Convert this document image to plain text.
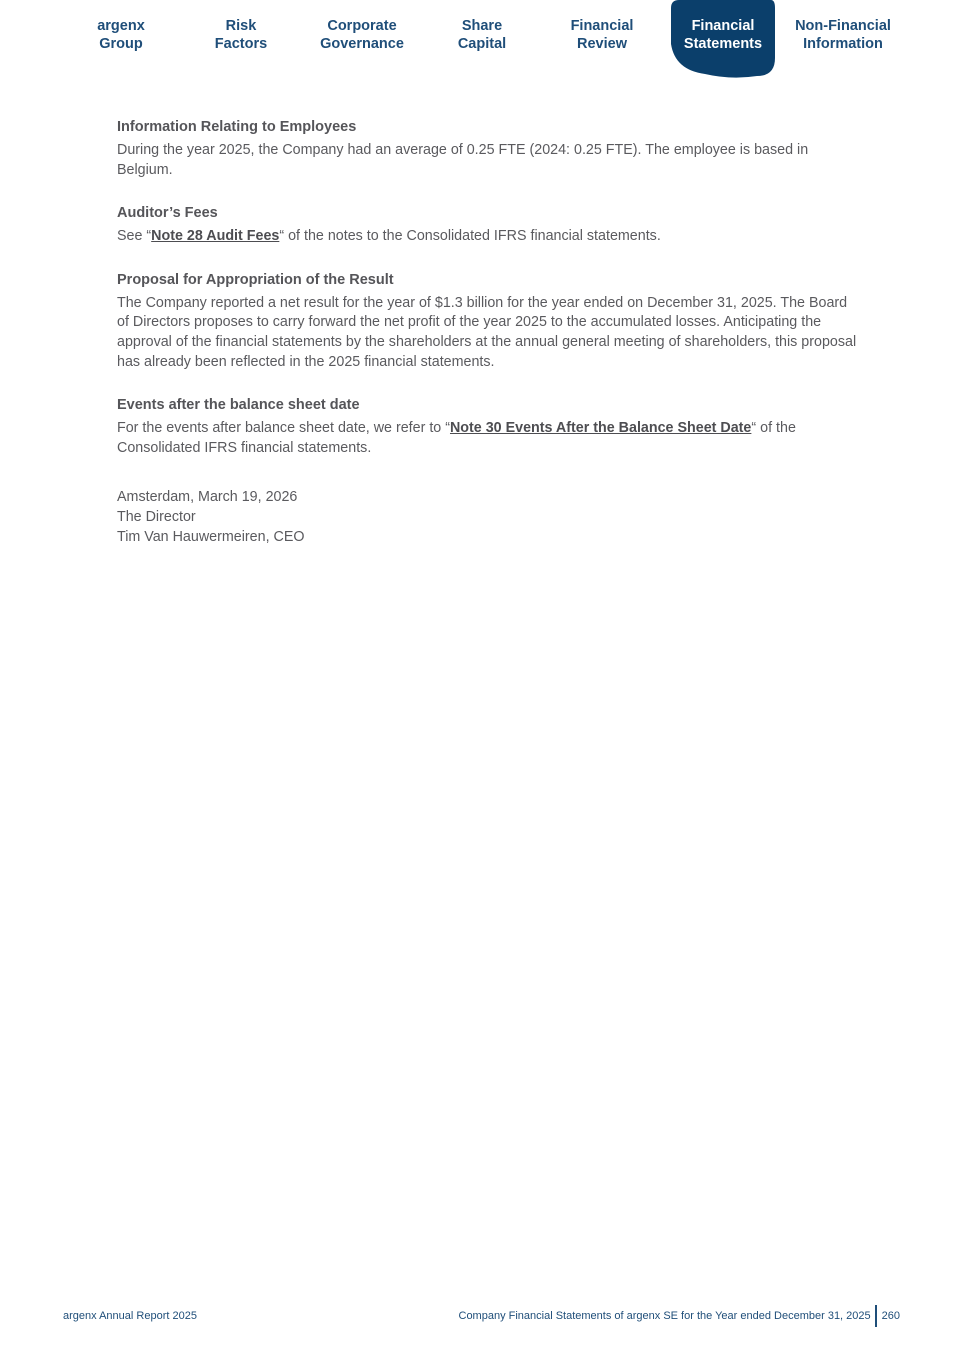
argenx
Group
Risk
Factors
Corporate
Governance
Share
Capital
Financial
Review
Financial
Statements
Non-Financial
Information
Information Relating to Employees

During the year 2025, the Company had an average of 0.25 FTE (2024: 0.25 FTE). The employee is based in Belgium.

Auditor’s Fees

See “Note 28 Audit Fees“ of the notes to the Consolidated IFRS financial statements.

Proposal for Appropriation of the Result

The Company reported a net result for the year of $1.3 billion for the year ended on December 31, 2025. The Board of Directors proposes to carry forward the net profit of the year 2025 to the accumulated losses. Anticipating the approval of the financial statements by the shareholders at the annual general meeting of shareholders, this proposal has already been reflected in the 2025 financial statements.

Events after the balance sheet date

For the events after balance sheet date, we refer to “Note 30 Events After the Balance Sheet Date“ of the Consolidated IFRS financial statements.

Amsterdam, March 19, 2026
The Director
Tim Van Hauwermeiren, CEO
argenx Annual Report 2025	Company Financial Statements of argenx SE for the Year ended December 31, 2025 260
